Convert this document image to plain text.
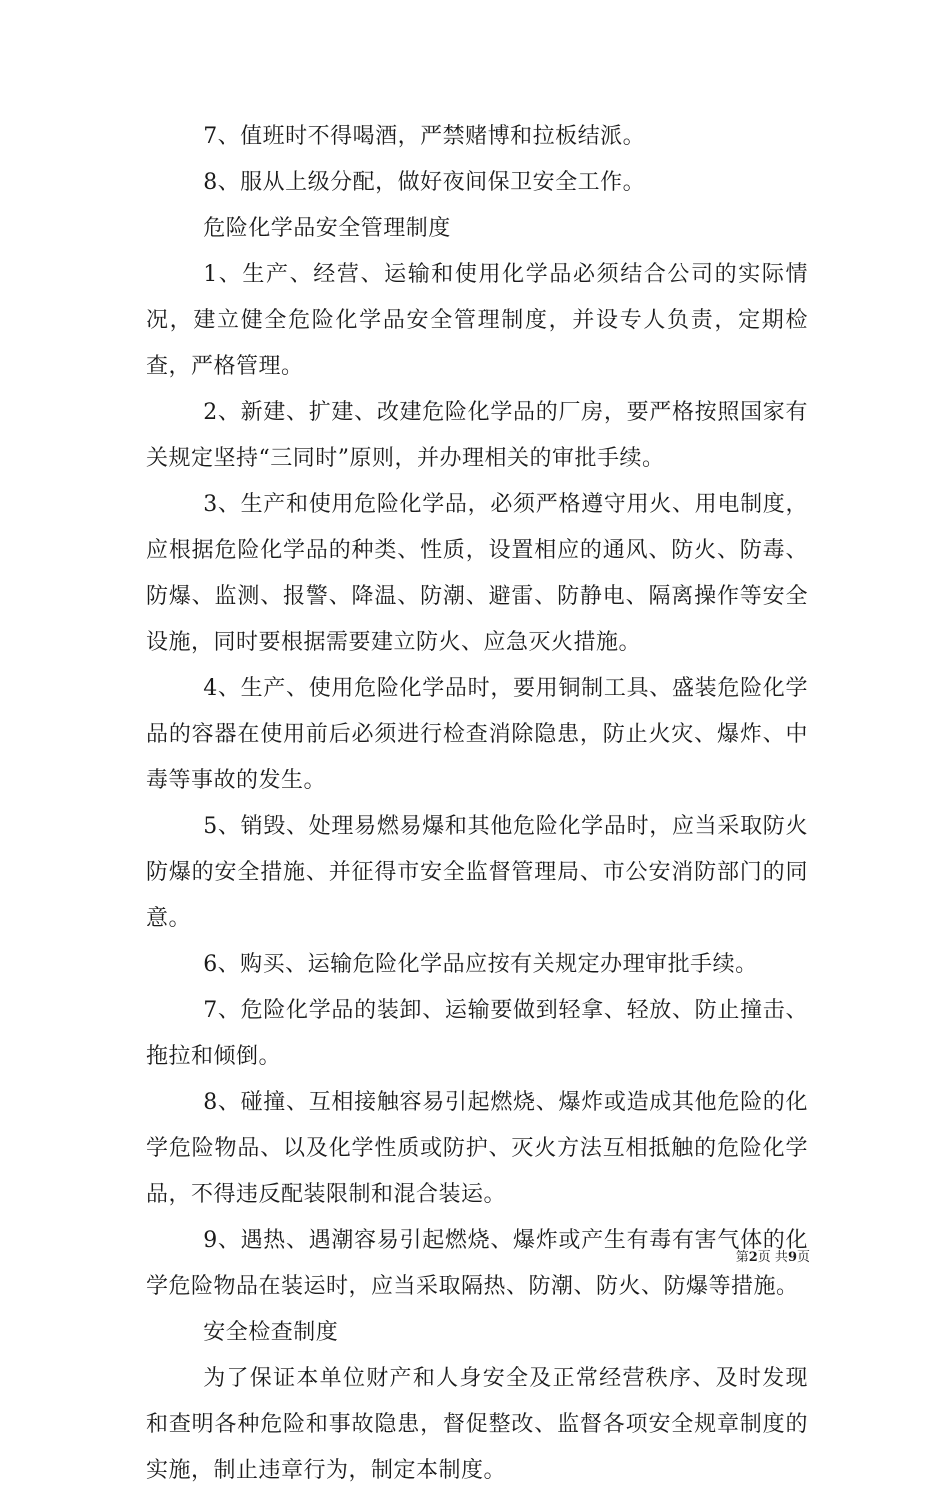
7、值班时不得喝酒，严禁赌博和拉板结派。

8、服从上级分配，做好夜间保卫安全工作。

危险化学品安全管理制度

1、生产、经营、运输和使用化学品必须结合公司的实际情况，建立健全危险化学品安全管理制度，并设专人负责，定期检查，严格管理。

2、新建、扩建、改建危险化学品的厂房，要严格按照国家有关规定坚持“三同时”原则，并办理相关的审批手续。

3、生产和使用危险化学品，必须严格遵守用火、用电制度，应根据危险化学品的种类、性质，设置相应的通风、防火、防毒、防爆、监测、报警、降温、防潮、避雷、防静电、隔离操作等安全设施，同时要根据需要建立防火、应急灭火措施。

4、生产、使用危险化学品时，要用铜制工具、盛装危险化学品的容器在使用前后必须进行检查消除隐患，防止火灾、爆炸、中毒等事故的发生。

5、销毁、处理易燃易爆和其他危险化学品时，应当采取防火防爆的安全措施、并征得市安全监督管理局、市公安消防部门的同意。

6、购买、运输危险化学品应按有关规定办理审批手续。

7、危险化学品的装卸、运输要做到轻拿、轻放、防止撞击、拖拉和倾倒。

8、碰撞、互相接触容易引起燃烧、爆炸或造成其他危险的化学危险物品、以及化学性质或防护、灭火方法互相抵触的危险化学品，不得违反配装限制和混合装运。

9、遇热、遇潮容易引起燃烧、爆炸或产生有毒有害气体的化学危险物品在装运时，应当采取隔热、防潮、防火、防爆等措施。

安全检查制度

为了保证本单位财产和人身安全及正常经营秩序、及时发现和查明各种危险和事故隐患，督促整改、监督各项安全规章制度的实施，制止违章行为，制定本制度。

第2页 共9页
